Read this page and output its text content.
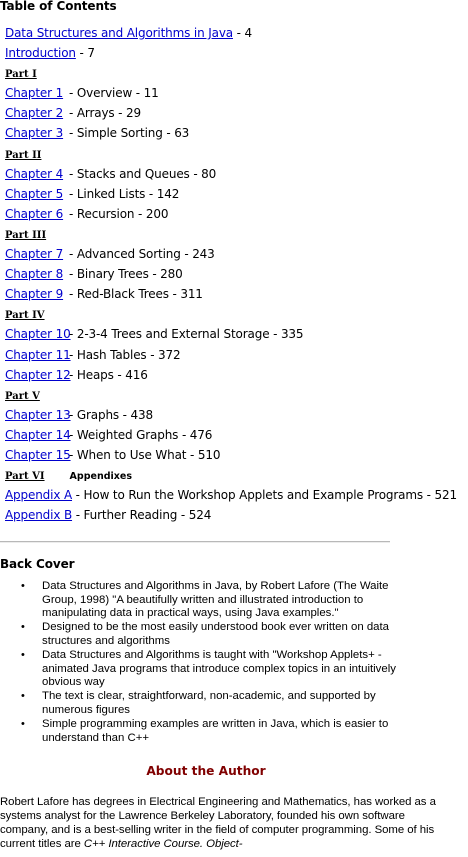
Table of Contents
Data Structures and Algorithms in Java - 4
Introduction - 7
Part I
Chapter 1 - Overview - 11
Chapter 2 - Arrays - 29
Chapter 3 - Simple Sorting - 63
Part II
Chapter 4 - Stacks and Queues - 80
Chapter 5 - Linked Lists - 142
Chapter 6 - Recursion - 200
Part III
Chapter 7 - Advanced Sorting - 243
Chapter 8 - Binary Trees - 280
Chapter 9 - Red-Black Trees - 311
Part IV
Chapter 10- 2-3-4 Trees and External Storage - 335
Chapter 11- Hash Tables - 372
Chapter 12- Heaps - 416
Part V
Chapter 13- Graphs - 438
Chapter 14- Weighted Graphs - 476
Chapter 15- When to Use What - 510
Part VI	Appendixes
Appendix A - How to Run the Workshop Applets and Example Programs - 521
Appendix B - Further Reading - 524
Back Cover
• Data Structures and Algorithms in Java, by Robert Lafore (The Waite Group, 1998) "A beautifully written and illustrated introduction to manipulating data in practical ways, using Java examples."
• Designed to be the most easily understood book ever written on data structures and algorithms
• Data Structures and Algorithms is taught with "Workshop Applets+ - animated Java programs that introduce complex topics in an intuitively obvious way
• The text is clear, straightforward, non-academic, and supported by numerous figures
• Simple programming examples are written in Java, which is easier to understand than C++
About the Author

Robert Lafore has degrees in Electrical Engineering and Mathematics, has worked as a systems analyst for the Lawrence Berkeley Laboratory, founded his own software company, and is a best-selling writer in the field of computer programming. Some of his current titles are C++ Interactive Course. Object-
